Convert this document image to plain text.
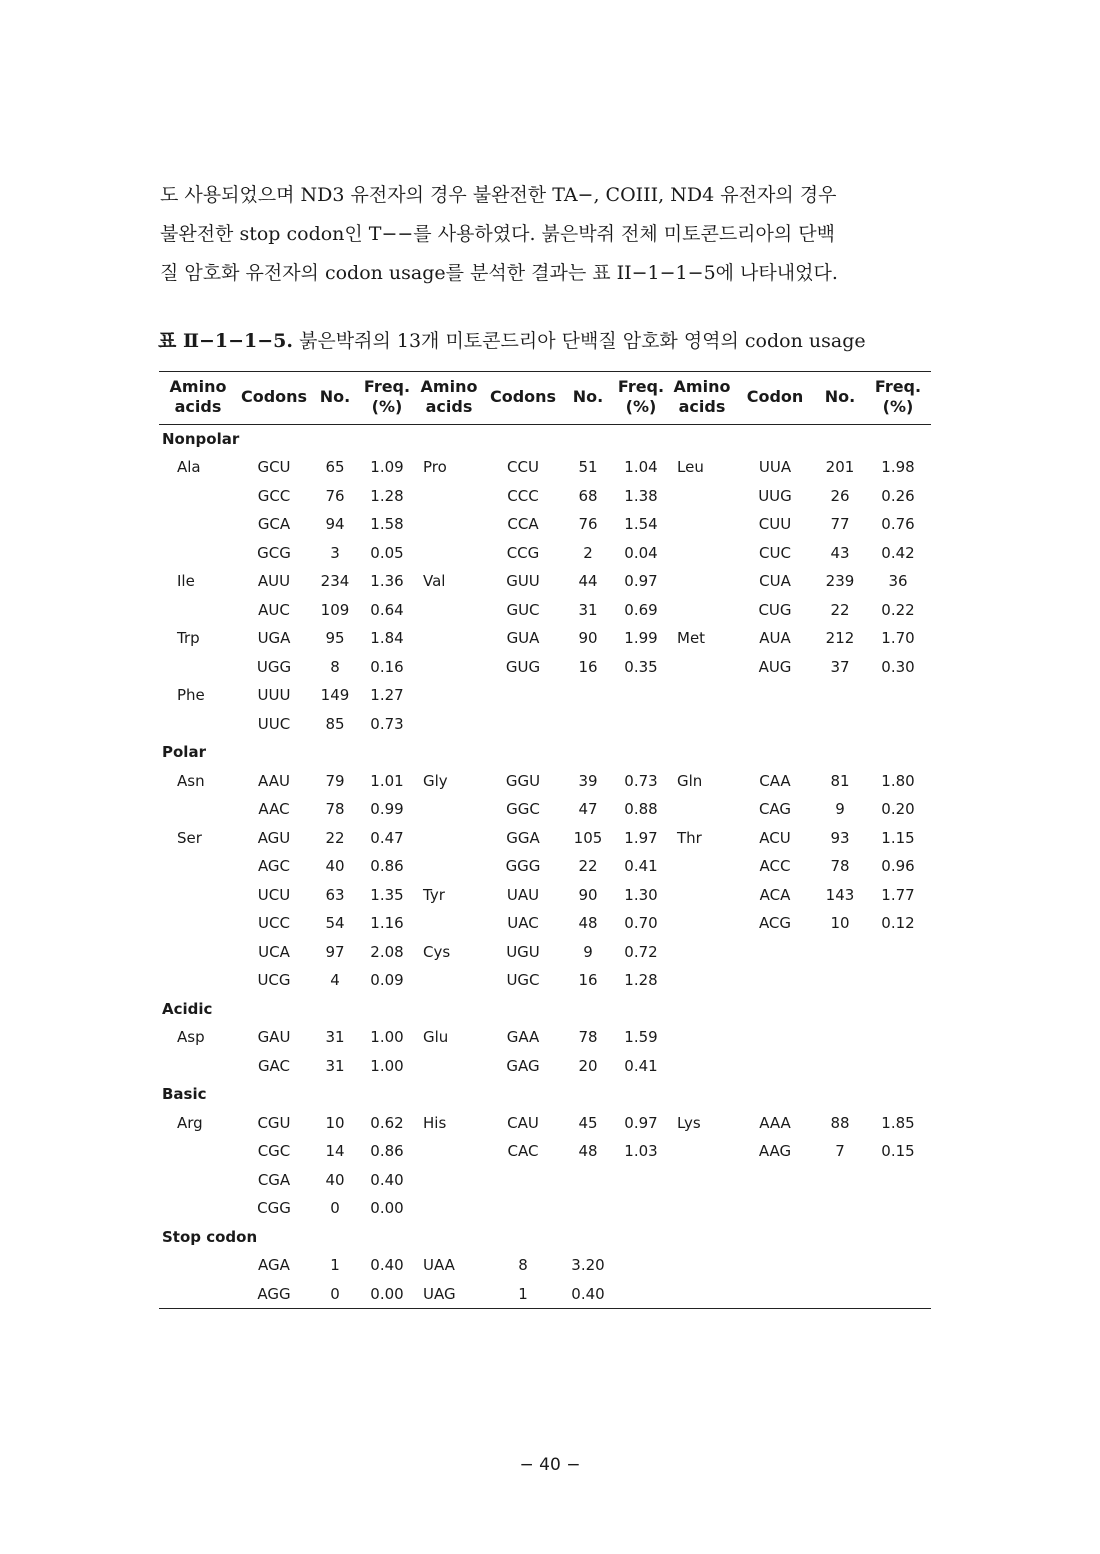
도 사용되었으며 ND3 유전자의 경우 불완전한 TA−, COIII, ND4 유전자의 경우
불완전한 stop codon인 T−−를 사용하였다. 붉은박쥐 전체 미토콘드리아의 단백
질 암호화 유전자의 codon usage를 분석한 결과는 표 II−1−1−5에 나타내었다.
표 Ⅱ−1−1−5. 붉은박쥐의 13개 미토콘드리아 단백질 암호화 영역의 codon usage
Amino acids	Codons	No.	Freq. (%)	Amino acids	Codons	No.	Freq. (%)	Amino acids	Codon	No.	Freq. (%)
Nonpolar											
Ala	GCU	65	1.09	Pro	CCU	51	1.04	Leu	UUA	201	1.98
	GCC	76	1.28		CCC	68	1.38		UUG	26	0.26
	GCA	94	1.58		CCA	76	1.54		CUU	77	0.76
	GCG	3	0.05		CCG	2	0.04		CUC	43	0.42
Ile	AUU	234	1.36	Val	GUU	44	0.97		CUA	239	36
	AUC	109	0.64		GUC	31	0.69		CUG	22	0.22
Trp	UGA	95	1.84		GUA	90	1.99	Met	AUA	212	1.70
	UGG	8	0.16		GUG	16	0.35		AUG	37	0.30
Phe	UUU	149	1.27								
	UUC	85	0.73								
Polar											
Asn	AAU	79	1.01	Gly	GGU	39	0.73	Gln	CAA	81	1.80
	AAC	78	0.99		GGC	47	0.88		CAG	9	0.20
Ser	AGU	22	0.47		GGA	105	1.97	Thr	ACU	93	1.15
	AGC	40	0.86		GGG	22	0.41		ACC	78	0.96
	UCU	63	1.35	Tyr	UAU	90	1.30		ACA	143	1.77
	UCC	54	1.16		UAC	48	0.70		ACG	10	0.12
	UCA	97	2.08	Cys	UGU	9	0.72				
	UCG	4	0.09		UGC	16	1.28				
Acidic											
Asp	GAU	31	1.00	Glu	GAA	78	1.59				
	GAC	31	1.00		GAG	20	0.41				
Basic											
Arg	CGU	10	0.62	His	CAU	45	0.97	Lys	AAA	88	1.85
	CGC	14	0.86		CAC	48	1.03		AAG	7	0.15
	CGA	40	0.40								
	CGG	0	0.00								
Stop codon											
	AGA	1	0.40	UAA	8	3.20					
	AGG	0	0.00	UAG	1	0.40					
− 40 −
